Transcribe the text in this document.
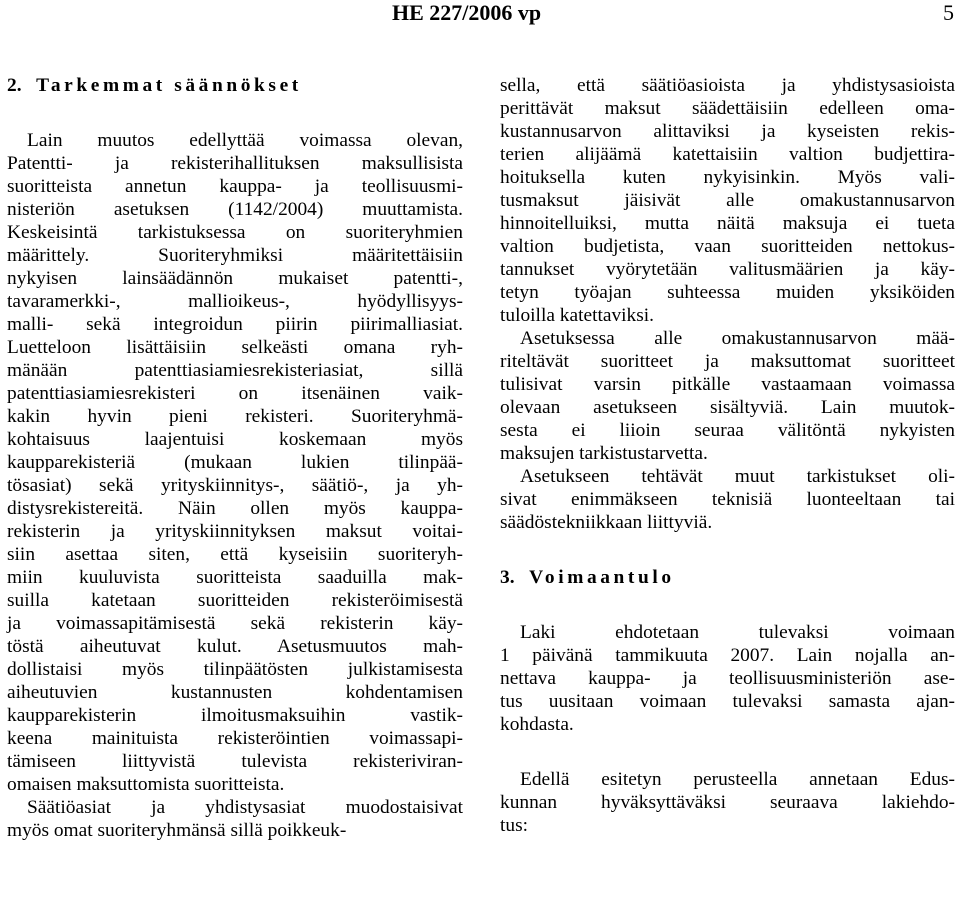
HE 227/2006 vp	5
2. Tarkemmat säännökset
Lain muutos edellyttää voimassa olevan,
Patentti- ja rekisterihallituksen maksullisista
suoritteista annetun kauppa- ja teollisuusmi-
nisteriön asetuksen (1142/2004) muuttamista.
Keskeisintä tarkistuksessa on suoriteryhmien
määrittely. Suoriteryhmiksi määritettäisiin
nykyisen lainsäädännön mukaiset patentti-,
tavaramerkki-, mallioikeus-, hyödyllisyys-
malli- sekä integroidun piirin piirimalliasiat.
Luetteloon lisättäisiin selkeästi omana ryh-
mänään patenttiasiamiesrekisteriasiat, sillä
patenttiasiamiesrekisteri on itsenäinen vaik-
kakin hyvin pieni rekisteri. Suoriteryhmä-
kohtaisuus laajentuisi koskemaan myös
kaupparekisteriä (mukaan lukien tilinpää-
tösasiat) sekä yrityskiinnitys-, säätiö-, ja yh-
distysrekistereitä. Näin ollen myös kauppa-
rekisterin ja yrityskiinnityksen maksut voitai-
siin asettaa siten, että kyseisiin suoriteryh-
miin kuuluvista suoritteista saaduilla mak-
suilla katetaan suoritteiden rekisteröimisestä
ja voimassapitämisestä sekä rekisterin käy-
töstä aiheutuvat kulut. Asetusmuutos mah-
dollistaisi myös tilinpäätösten julkistamisesta
aiheutuvien kustannusten kohdentamisen
kaupparekisterin ilmoitusmaksuihin vastik-
keena mainituista rekisteröintien voimassapi-
tämiseen liittyvistä tulevista rekisteriviran-
omaisen maksuttomista suoritteista.
Säätiöasiat ja yhdistysasiat muodostaisivat
myös omat suoriteryhmänsä sillä poikkeuk-
sella, että säätiöasioista ja yhdistysasioista
perittävät maksut säädettäisiin edelleen oma-
kustannusarvon alittaviksi ja kyseisten rekis-
terien alijäämä katettaisiin valtion budjettira-
hoituksella kuten nykyisinkin. Myös vali-
tusmaksut jäisivät alle omakustannusarvon
hinnoitelluiksi, mutta näitä maksuja ei tueta
valtion budjetista, vaan suoritteiden nettokus-
tannukset vyörytetään valitusmäärien ja käy-
tetyn työajan suhteessa muiden yksiköiden
tuloilla katettaviksi.
Asetuksessa alle omakustannusarvon mää-
riteltävät suoritteet ja maksuttomat suoritteet
tulisivat varsin pitkälle vastaamaan voimassa
olevaan asetukseen sisältyviä. Lain muutok-
sesta ei liioin seuraa välitöntä nykyisten
maksujen tarkistustarvetta.
Asetukseen tehtävät muut tarkistukset oli-
sivat enimmäkseen teknisiä luonteeltaan tai
säädöstekniikkaan liittyviä.
3. Voimaantulo
Laki ehdotetaan tulevaksi voimaan
1 päivänä tammikuuta 2007. Lain nojalla an-
nettava kauppa- ja teollisuusministeriön ase-
tus uusitaan voimaan tulevaksi samasta ajan-
kohdasta.
Edellä esitetyn perusteella annetaan Edus-
kunnan hyväksyttäväksi seuraava lakiehdo-
tus:
